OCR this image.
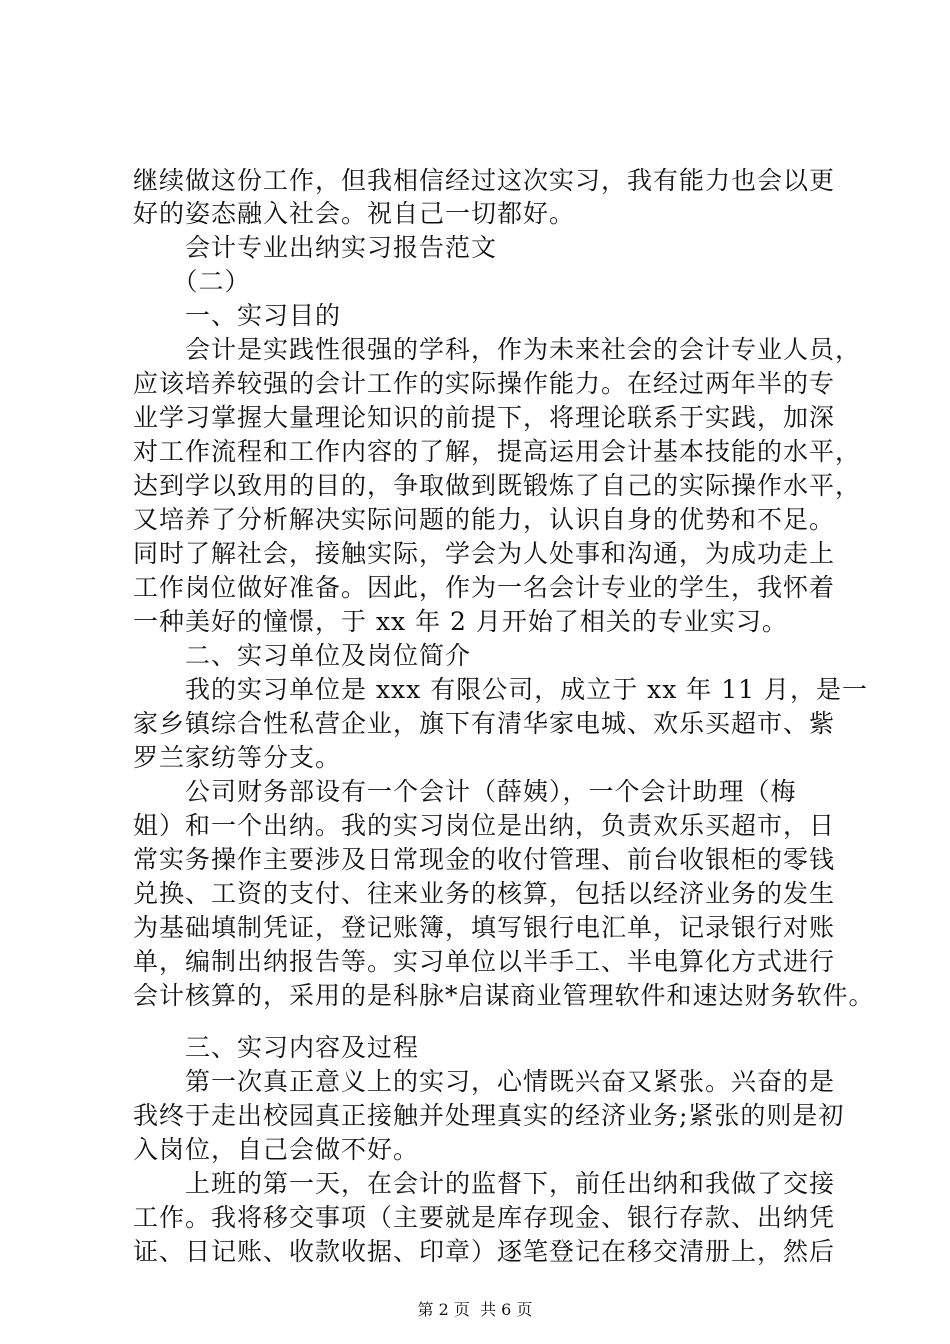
继续做这份工作，但我相信经过这次实习，我有能力也会以更
好的姿态融入社会。祝自己一切都好。
　　会计专业出纳实习报告范文
　　（二）
　　一、实习目的
　　会计是实践性很强的学科，作为未来社会的会计专业人员，
应该培养较强的会计工作的实际操作能力。在经过两年半的专
业学习掌握大量理论知识的前提下，将理论联系于实践，加深
对工作流程和工作内容的了解，提高运用会计基本技能的水平，
达到学以致用的目的，争取做到既锻炼了自己的实际操作水平，
又培养了分析解决实际问题的能力，认识自身的优势和不足。
同时了解社会，接触实际，学会为人处事和沟通，为成功走上
工作岗位做好准备。因此，作为一名会计专业的学生，我怀着
一种美好的憧憬，于 xx 年 2 月开始了相关的专业实习。
　　二、实习单位及岗位简介
　　我的实习单位是 xxx 有限公司，成立于 xx 年 11 月，是一
家乡镇综合性私营企业，旗下有清华家电城、欢乐买超市、紫
罗兰家纺等分支。
　　公司财务部设有一个会计（薛姨），一个会计助理（梅
姐）和一个出纳。我的实习岗位是出纳，负责欢乐买超市，日
常实务操作主要涉及日常现金的收付管理、前台收银柜的零钱
兑换、工资的支付、往来业务的核算，包括以经济业务的发生
为基础填制凭证，登记账簿，填写银行电汇单，记录银行对账
单，编制出纳报告等。实习单位以半手工、半电算化方式进行
会计核算的，采用的是科脉*启谋商业管理软件和速达财务软件。
　　三、实习内容及过程
　　第一次真正意义上的实习，心情既兴奋又紧张。兴奋的是
我终于走出校园真正接触并处理真实的经济业务;紧张的则是初
入岗位，自己会做不好。
　　上班的第一天，在会计的监督下，前任出纳和我做了交接
工作。我将移交事项（主要就是库存现金、银行存款、出纳凭
证、日记账、收款收据、印章）逐笔登记在移交清册上，然后
第 2 页  共 6 页
